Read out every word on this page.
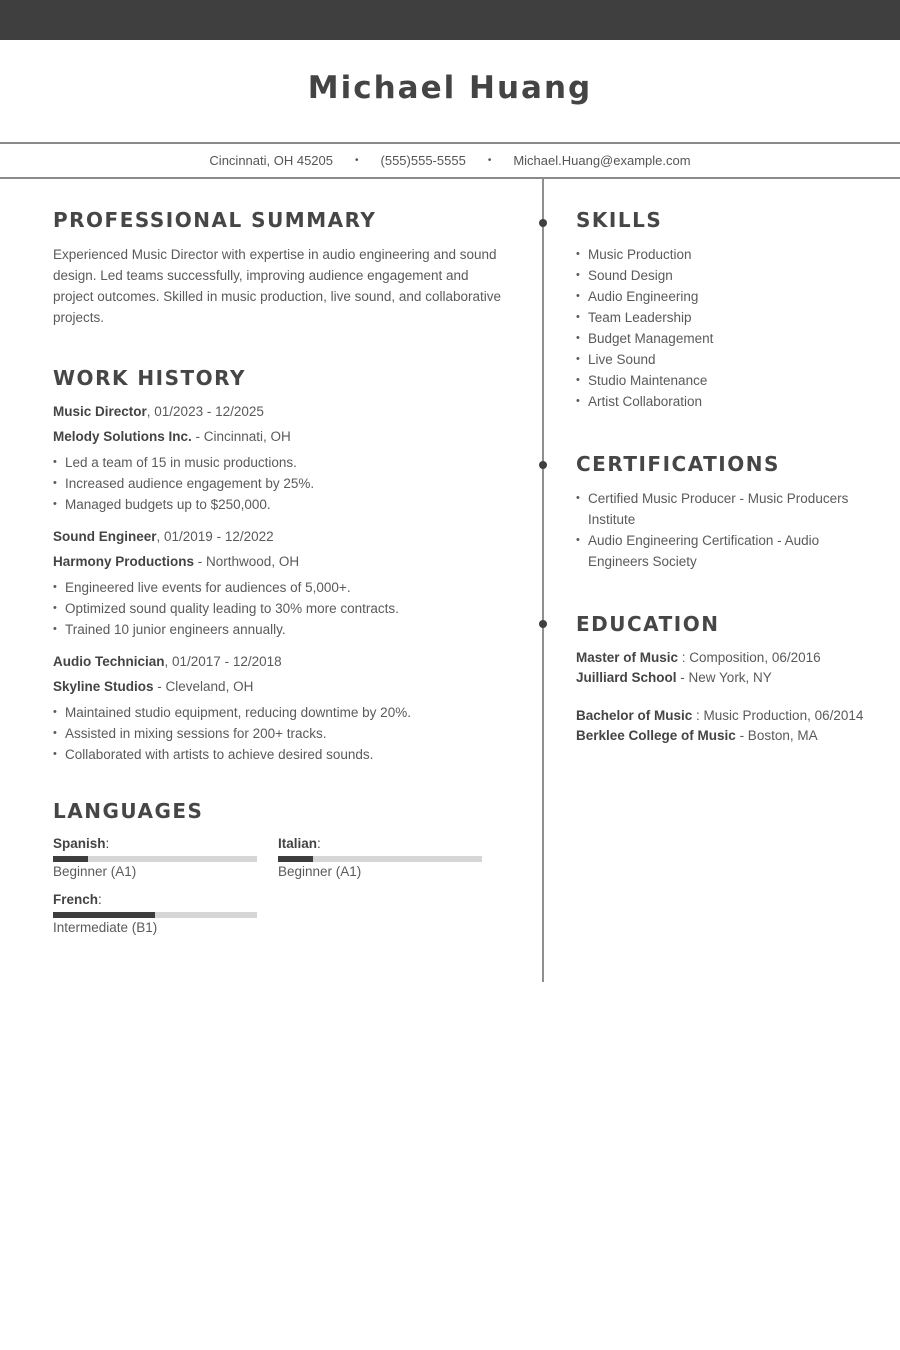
Michael Huang
Cincinnati, OH 45205 • (555)555-5555 • Michael.Huang@example.com
PROFESSIONAL SUMMARY

Experienced Music Director with expertise in audio engineering and sound design. Led teams successfully, improving audience engagement and project outcomes. Skilled in music production, live sound, and collaborative projects.

WORK HISTORY
Music Director, 01/2023 - 12/2025
Melody Solutions Inc. - Cincinnati, OH
• Led a team of 15 in music productions.
• Increased audience engagement by 25%.
• Managed budgets up to $250,000.
Sound Engineer, 01/2019 - 12/2022
Harmony Productions - Northwood, OH
• Engineered live events for audiences of 5,000+.
• Optimized sound quality leading to 30% more contracts.
• Trained 10 junior engineers annually.
Audio Technician, 01/2017 - 12/2018
Skyline Studios - Cleveland, OH
• Maintained studio equipment, reducing downtime by 20%.
• Assisted in mixing sessions for 200+ tracks.
• Collaborated with artists to achieve desired sounds.
LANGUAGES
Spanish:
Beginner (A1)
Italian:
Beginner (A1)
French:
Intermediate (B1)
SKILLS
• Music Production
• Sound Design
• Audio Engineering
• Team Leadership
• Budget Management
• Live Sound
• Studio Maintenance
• Artist Collaboration
CERTIFICATIONS
• Certified Music Producer - Music Producers Institute
• Audio Engineering Certification - Audio Engineers Society
EDUCATION
Master of Music : Composition, 06/2016
Juilliard School - New York, NY
Bachelor of Music : Music Production, 06/2014
Berklee College of Music - Boston, MA
